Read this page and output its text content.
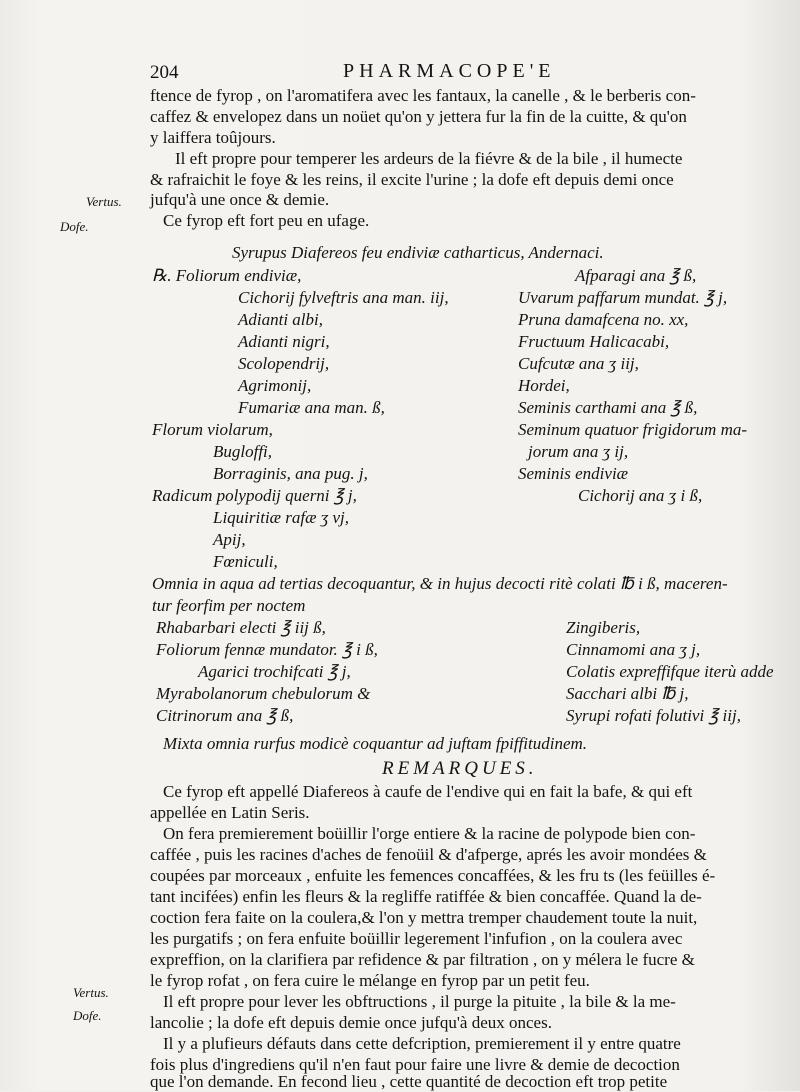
204	PHARMACOPE'E
ftence de fyrop , on l'aromatifera avec les fantaux, la canelle , & le berberis con-
caffez & envelopez dans un noüet qu'on y jettera fur la fin de la cuitte, & qu'on
y laiffera toûjours.
Il eft propre pour temperer les ardeurs de la fiévre & de la bile , il humecte
& rafraichit le foye & les reins, il excite l'urine ; la dofe eft depuis demi once
jufqu'à une once & demie.
Ce fyrop eft fort peu en ufage.
Vertus.
Dofe.
Syrupus Diafereos feu endiviæ catharticus, Andernaci.
℞. Foliorum endiviæ,
Cichorij fylveftris ana man. iij,
Adianti albi,
Adianti nigri,
Scolopendrij,
Agrimonij,
Fumariæ ana man. ß,
Florum violarum,
Bugloffi,
Borraginis, ana pug. j,
Radicum polypodij querni ℥ j,
Liquiritiæ rafæ ʒ vj,
Apij,
Fœniculi,
Afparagi ana ℥ ß,
Uvarum paffarum mundat. ℥ j,
Pruna damafcena no. xx,
Fructuum Halicacabi,
Cufcutæ ana ʒ iij,
Hordei,
Seminis carthami ana ℥ ß,
Seminum quatuor frigidorum ma-
jorum ana ʒ ij,
Seminis endiviæ
Cichorij ana ʒ i ß,
Omnia in aqua ad tertias decoquantur, & in hujus decocti ritè colati ℔ i ß, maceren-
tur feorfim per noctem
Rhabarbari electi ℥ iij ß,
Foliorum fennæ mundator. ℥ i ß,
Agarici trochifcati ℥ j,
Myrabolanorum chebulorum &
Citrinorum ana ℥ ß,
Zingiberis,
Cinnamomi ana ʒ j,
Colatis expreffifque iterù adde
Sacchari albi ℔ j,
Syrupi rofati folutivi ℥ iij,
Mixta omnia rurfus modicè coquantur ad juftam fpiffitudinem.
REMARQUES.
Ce fyrop eft appellé Diafereos à caufe de l'endive qui en fait la bafe, & qui eft
appellée en Latin Seris.
On fera premierement boüillir l'orge entiere & la racine de polypode bien con-
caffée , puis les racines d'aches de fenoüil & d'afperge, aprés les avoir mondées &
coupées par morceaux , enfuite les femences concaffées, & les fru ts (les feüilles é-
tant incifées) enfin les fleurs & la regliffe ratiffée & bien concaffée. Quand la de-
coction fera faite on la coulera,& l'on y mettra tremper chaudement toute la nuit,
les purgatifs ; on fera enfuite boüillir legerement l'infufion , on la coulera avec
expreffion, on la clarifiera par refidence & par filtration , on y mélera le fucre &
le fyrop rofat , on fera cuire le mélange en fyrop par un petit feu.
Il eft propre pour lever les obftructions , il purge la pituite , la bile & la me-
lancolie ; la dofe eft depuis demie once jufqu'à deux onces.
Il y a plufieurs défauts dans cette defcription, premierement il y entre quatre
fois plus d'ingrediens qu'il n'en faut pour faire une livre & demie de decoction
que l'on demande. En fecond lieu , cette quantité de decoction eft trop petite
Vertus.
Dofe.
